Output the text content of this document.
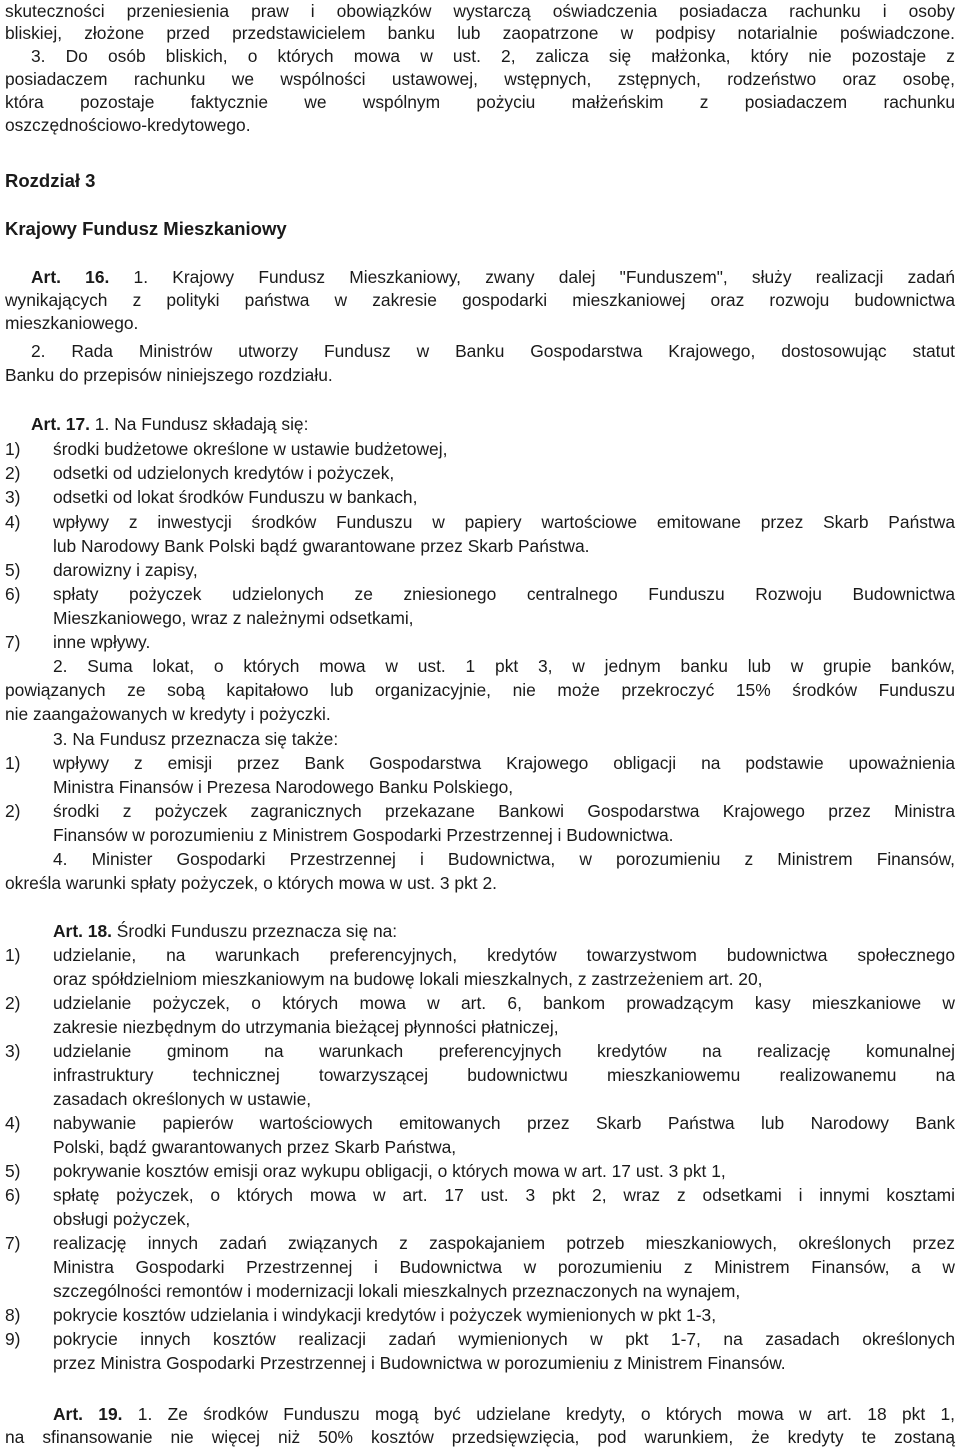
skuteczności przeniesienia praw i obowiązków wystarczą oświadczenia posiadacza rachunku i osoby
bliskiej, złożone przed przedstawicielem banku lub zaopatrzone w podpisy notarialnie poświadczone.
3. Do osób bliskich, o których mowa w ust. 2, zalicza się małżonka, który nie pozostaje z
posiadaczem rachunku we wspólności ustawowej, wstępnych, zstępnych, rodzeństwo oraz osobę,
która pozostaje faktycznie we wspólnym pożyciu małżeńskim z posiadaczem rachunku
oszczędnościowo-kredytowego.
Rozdział 3
Krajowy Fundusz Mieszkaniowy
Art. 16. 1. Krajowy Fundusz Mieszkaniowy, zwany dalej "Funduszem", służy realizacji zadań
wynikających z polityki państwa w zakresie gospodarki mieszkaniowej oraz rozwoju budownictwa
mieszkaniowego.
2. Rada Ministrów utworzy Fundusz w Banku Gospodarstwa Krajowego, dostosowując statut
Banku do przepisów niniejszego rozdziału.
Art. 17. 1. Na Fundusz składają się:
1) środki budżetowe określone w ustawie budżetowej,
2) odsetki od udzielonych kredytów i pożyczek,
3) odsetki od lokat środków Funduszu w bankach,
4) wpływy z inwestycji środków Funduszu w papiery wartościowe emitowane przez Skarb Państwa
lub Narodowy Bank Polski bądź gwarantowane przez Skarb Państwa.
5) darowizny i zapisy,
6) spłaty pożyczek udzielonych ze zniesionego centralnego Funduszu Rozwoju Budownictwa
Mieszkaniowego, wraz z należnymi odsetkami,
7) inne wpływy.
2. Suma lokat, o których mowa w ust. 1 pkt 3, w jednym banku lub w grupie banków,
powiązanych ze sobą kapitałowo lub organizacyjnie, nie może przekroczyć 15% środków Funduszu
nie zaangażowanych w kredyty i pożyczki.
3. Na Fundusz przeznacza się także:
1) wpływy z emisji przez Bank Gospodarstwa Krajowego obligacji na podstawie upoważnienia
Ministra Finansów i Prezesa Narodowego Banku Polskiego,
2) środki z pożyczek zagranicznych przekazane Bankowi Gospodarstwa Krajowego przez Ministra
Finansów w porozumieniu z Ministrem Gospodarki Przestrzennej i Budownictwa.
4. Minister Gospodarki Przestrzennej i Budownictwa, w porozumieniu z Ministrem Finansów,
określa warunki spłaty pożyczek, o których mowa w ust. 3 pkt 2.
Art. 18. Środki Funduszu przeznacza się na:
1) udzielanie, na warunkach preferencyjnych, kredytów towarzystwom budownictwa społecznego
oraz spółdzielniom mieszkaniowym na budowę lokali mieszkalnych, z zastrzeżeniem art. 20,
2) udzielanie pożyczek, o których mowa w art. 6, bankom prowadzącym kasy mieszkaniowe w
zakresie niezbędnym do utrzymania bieżącej płynności płatniczej,
3) udzielanie gminom na warunkach preferencyjnych kredytów na realizację komunalnej
infrastruktury technicznej towarzyszącej budownictwu mieszkaniowemu realizowanemu na
zasadach określonych w ustawie,
4) nabywanie papierów wartościowych emitowanych przez Skarb Państwa lub Narodowy Bank
Polski, bądź gwarantowanych przez Skarb Państwa,
5) pokrywanie kosztów emisji oraz wykupu obligacji, o których mowa w art. 17 ust. 3 pkt 1,
6) spłatę pożyczek, o których mowa w art. 17 ust. 3 pkt 2, wraz z odsetkami i innymi kosztami
obsługi pożyczek,
7) realizację innych zadań związanych z zaspokajaniem potrzeb mieszkaniowych, określonych przez
Ministra Gospodarki Przestrzennej i Budownictwa w porozumieniu z Ministrem Finansów, a w
szczególności remontów i modernizacji lokali mieszkalnych przeznaczonych na wynajem,
8) pokrycie kosztów udzielania i windykacji kredytów i pożyczek wymienionych w pkt 1-3,
9) pokrycie innych kosztów realizacji zadań wymienionych w pkt 1-7, na zasadach określonych
przez Ministra Gospodarki Przestrzennej i Budownictwa w porozumieniu z Ministrem Finansów.
Art. 19. 1. Ze środków Funduszu mogą być udzielane kredyty, o których mowa w art. 18 pkt 1,
na sfinansowanie nie więcej niż 50% kosztów przedsięwzięcia, pod warunkiem, że kredyty te zostaną
